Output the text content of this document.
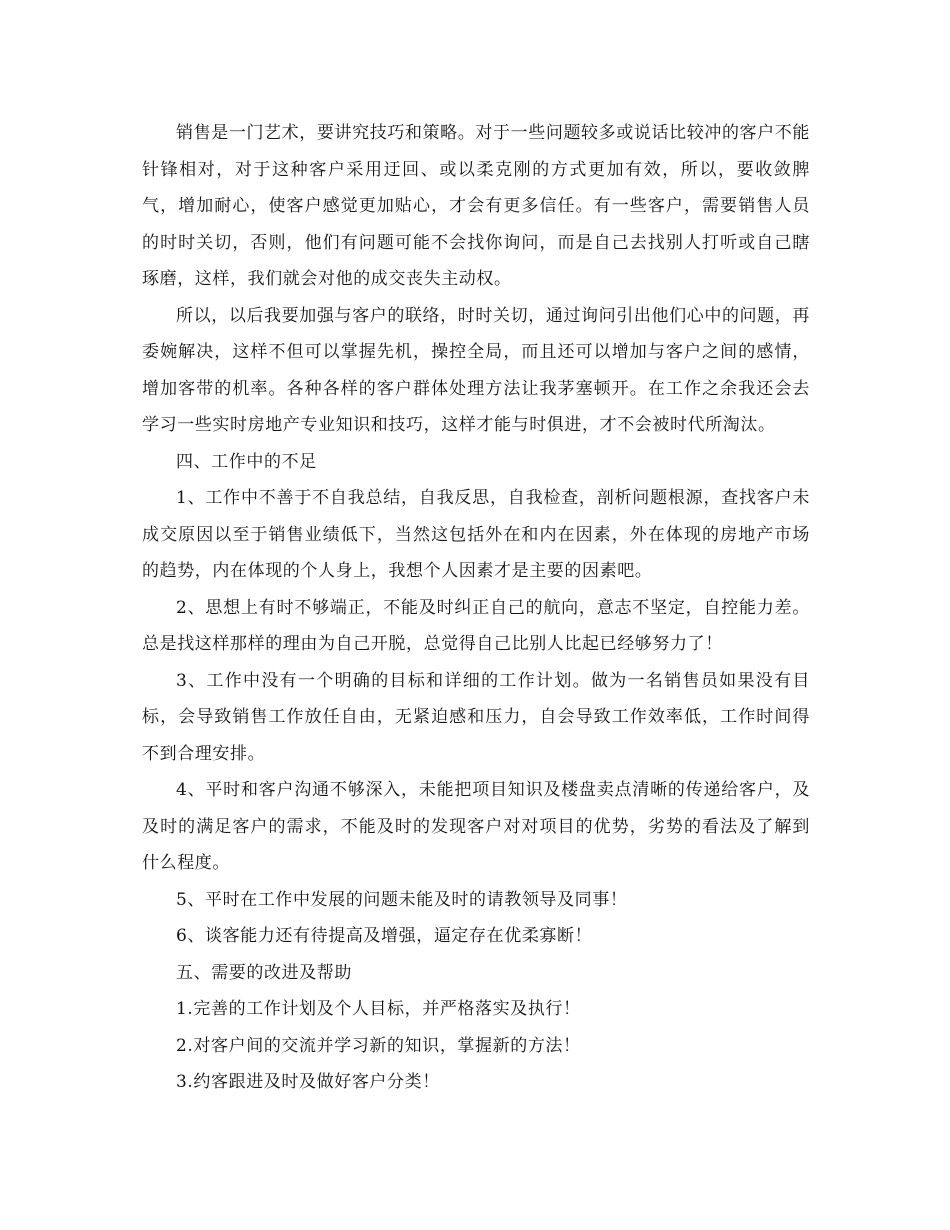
销售是一门艺术，要讲究技巧和策略。对于一些问题较多或说话比较冲的客户不能针锋相对，对于这种客户采用迂回、或以柔克刚的方式更加有效，所以，要收敛脾气，增加耐心，使客户感觉更加贴心，才会有更多信任。有一些客户，需要销售人员的时时关切，否则，他们有问题可能不会找你询问，而是自己去找别人打听或自己瞎琢磨，这样，我们就会对他的成交丧失主动权。

所以，以后我要加强与客户的联络，时时关切，通过询问引出他们心中的问题，再委婉解决，这样不但可以掌握先机，操控全局，而且还可以增加与客户之间的感情，增加客带的机率。各种各样的客户群体处理方法让我茅塞顿开。在工作之余我还会去学习一些实时房地产专业知识和技巧，这样才能与时俱进，才不会被时代所淘汰。

四、工作中的不足

1、工作中不善于不自我总结，自我反思，自我检查，剖析问题根源，查找客户未成交原因以至于销售业绩低下，当然这包括外在和内在因素，外在体现的房地产市场的趋势，内在体现的个人身上，我想个人因素才是主要的因素吧。

2、思想上有时不够端正，不能及时纠正自己的航向，意志不坚定，自控能力差。总是找这样那样的理由为自己开脱，总觉得自己比别人比起已经够努力了！

3、工作中没有一个明确的目标和详细的工作计划。做为一名销售员如果没有目标，会导致销售工作放任自由，无紧迫感和压力，自会导致工作效率低，工作时间得不到合理安排。

4、平时和客户沟通不够深入，未能把项目知识及楼盘卖点清晰的传递给客户，及及时的满足客户的需求，不能及时的发现客户对对项目的优势，劣势的看法及了解到什么程度。

5、平时在工作中发展的问题未能及时的请教领导及同事！

6、谈客能力还有待提高及增强，逼定存在优柔寡断！

五、需要的改进及帮助

1.完善的工作计划及个人目标，并严格落实及执行！

2.对客户间的交流并学习新的知识，掌握新的方法！

3.约客跟进及时及做好客户分类！
